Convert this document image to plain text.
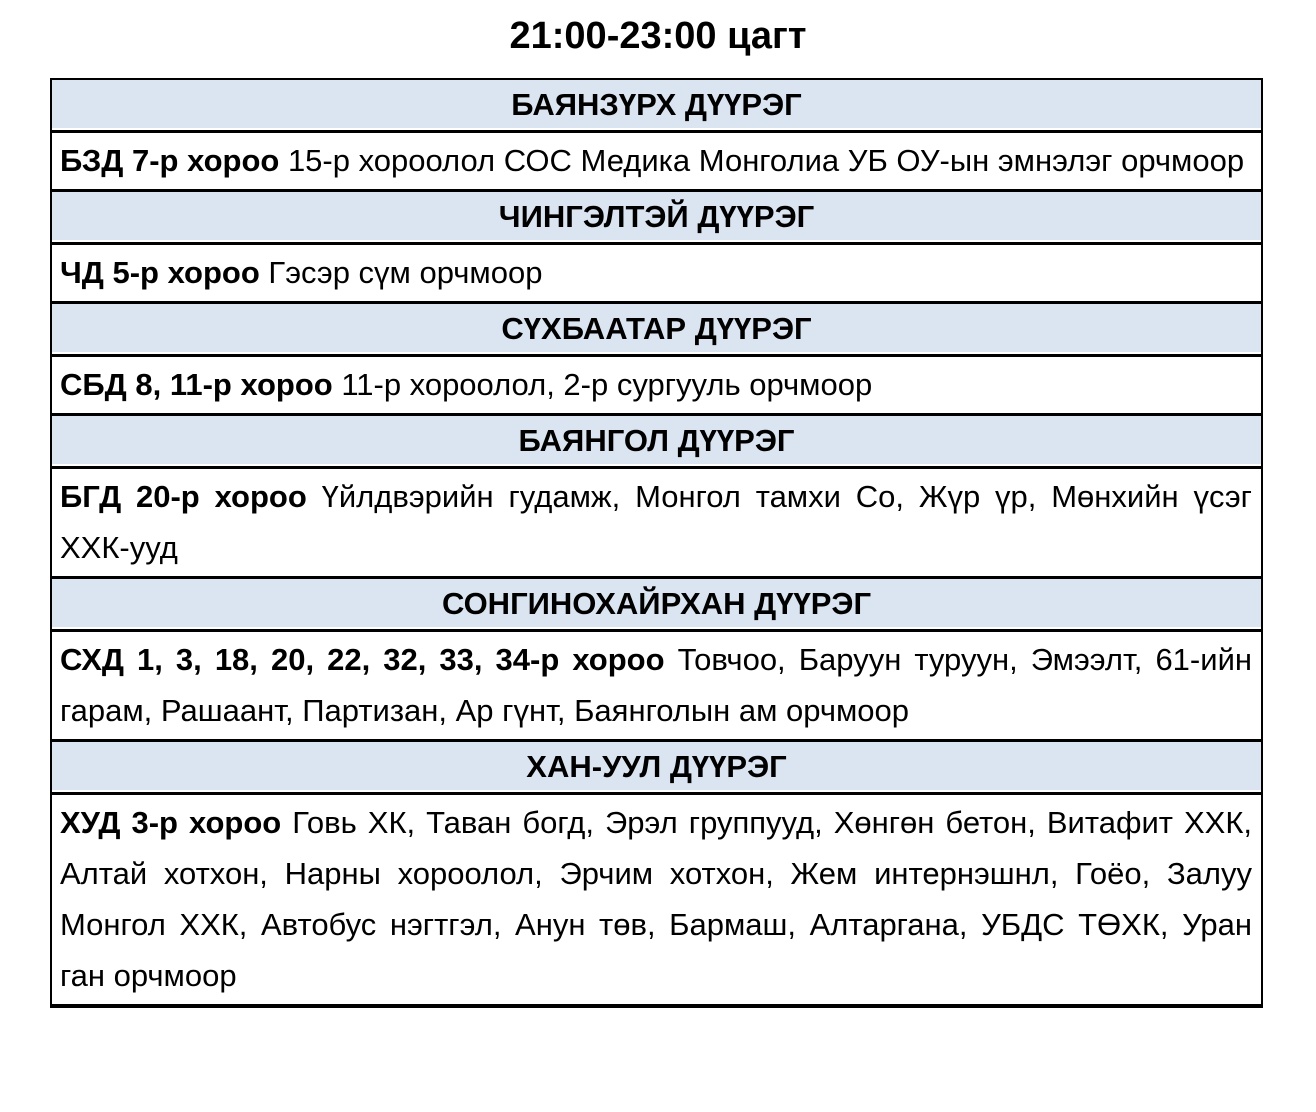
21:00-23:00 цагт
БАЯНЗҮРХ ДҮҮРЭГ
БЗД 7-р хороо 15-р хороолол СОС Медика Монголиа УБ ОУ-ын эмнэлэг орчмоор
ЧИНГЭЛТЭЙ ДҮҮРЭГ
ЧД 5-р хороо Гэсэр сүм орчмоор
СҮХБААТАР ДҮҮРЭГ
СБД 8, 11-р хороо 11-р хороолол, 2-р сургууль орчмоор
БАЯНГОЛ ДҮҮРЭГ
БГД 20-р хороо Үйлдвэрийн гудамж, Монгол тамхи Со, Жүр үр, Мөнхийн үсэг ХХК-ууд
СОНГИНОХАЙРХАН ДҮҮРЭГ
СХД 1, 3, 18, 20, 22, 32, 33, 34-р хороо Товчоо, Баруун туруун, Эмээлт, 61-ийн гарам, Рашаант, Партизан, Ар гүнт, Баянголын ам орчмоор
ХАН-УУЛ ДҮҮРЭГ
ХУД 3-р хороо Говь ХК, Таван богд, Эрэл группууд, Хөнгөн бетон, Витафит ХХК, Алтай хотхон, Нарны хороолол, Эрчим хотхон, Жем интернэшнл, Гоёо, Залуу Монгол ХХК, Автобус нэгтгэл, Анун төв, Бармаш, Алтаргана, УБДС ТӨХК, Уран ган орчмоор
